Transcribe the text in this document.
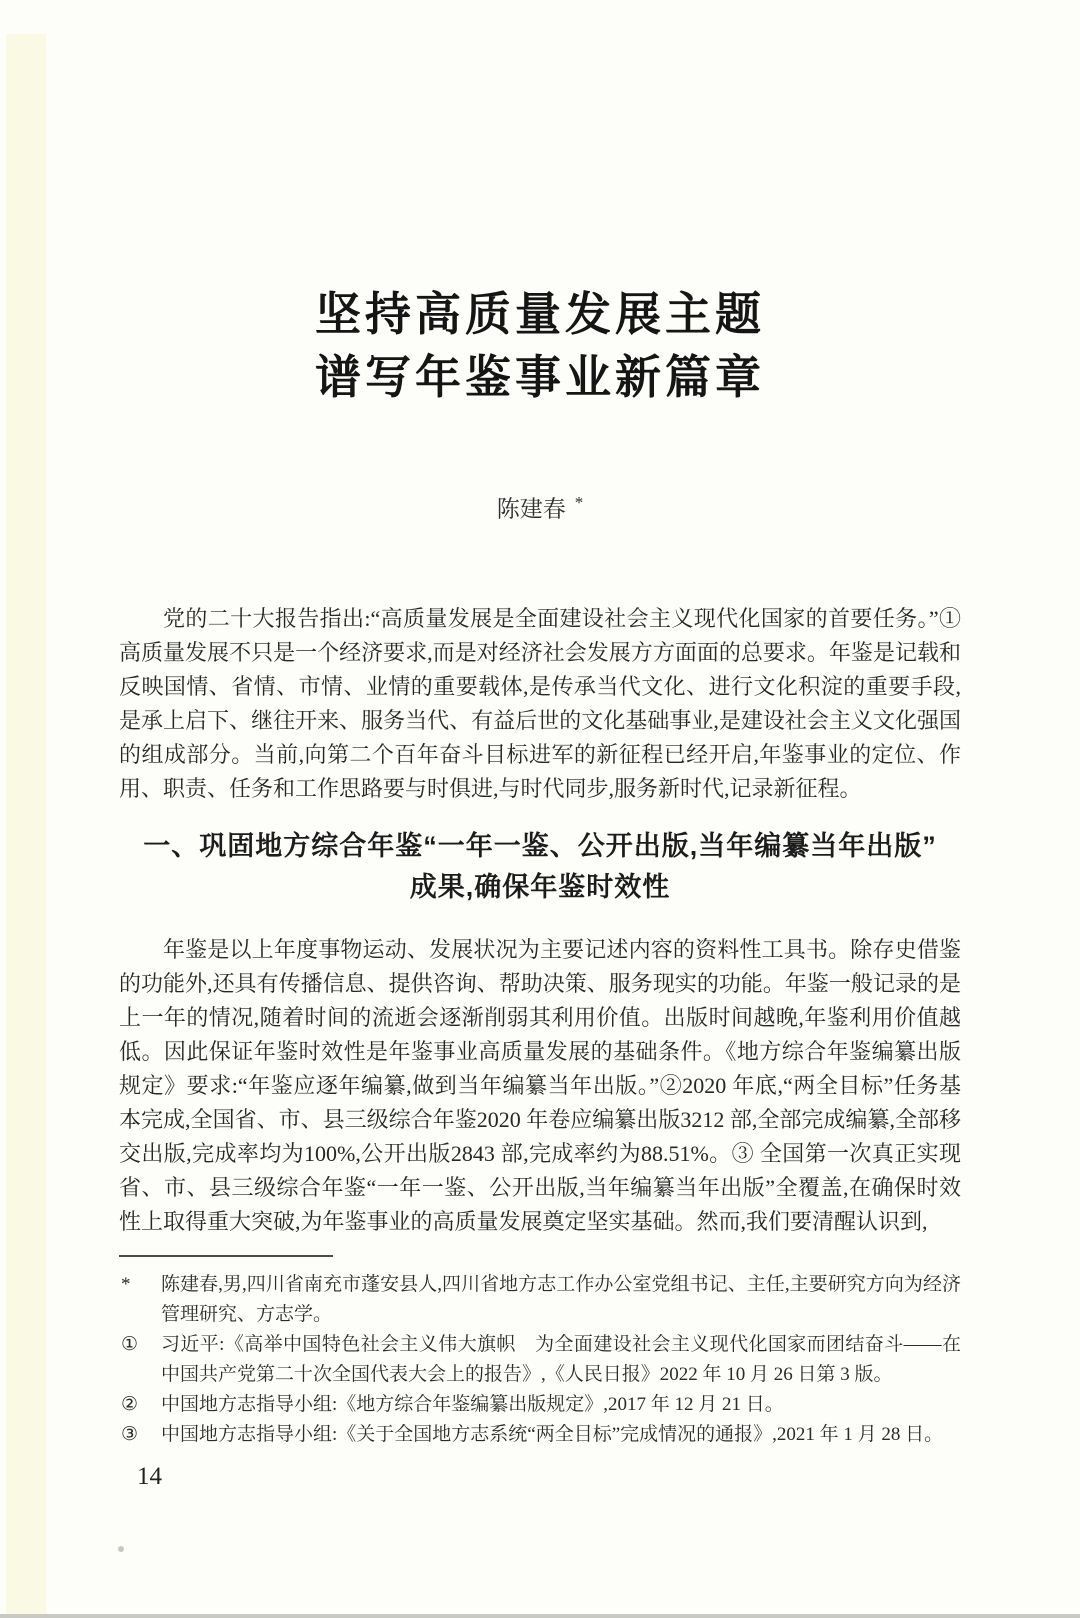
坚持高质量发展主题
谱写年鉴事业新篇章
陈建春 *

党的二十大报告指出:“高质量发展是全面建设社会主义现代化国家的首要任务。”①高质量发展不只是一个经济要求,而是对经济社会发展方方面面的总要求。年鉴是记载和反映国情、省情、市情、业情的重要载体,是传承当代文化、进行文化积淀的重要手段,是承上启下、继往开来、服务当代、有益后世的文化基础事业,是建设社会主义文化强国的组成部分。当前,向第二个百年奋斗目标进军的新征程已经开启,年鉴事业的定位、作用、职责、任务和工作思路要与时俱进,与时代同步,服务新时代,记录新征程。

一、巩固地方综合年鉴“一年一鉴、公开出版,当年编纂当年出版”
成果,确保年鉴时效性

年鉴是以上年度事物运动、发展状况为主要记述内容的资料性工具书。除存史借鉴的功能外,还具有传播信息、提供咨询、帮助决策、服务现实的功能。年鉴一般记录的是上一年的情况,随着时间的流逝会逐渐削弱其利用价值。出版时间越晚,年鉴利用价值越低。因此保证年鉴时效性是年鉴事业高质量发展的基础条件。《地方综合年鉴编纂出版规定》要求:“年鉴应逐年编纂,做到当年编纂当年出版。”②2020 年底,“两全目标”任务基本完成,全国省、市、县三级综合年鉴2020 年卷应编纂出版3212 部,全部完成编纂,全部移交出版,完成率均为100%,公开出版2843 部,完成率约为88.51%。③ 全国第一次真正实现省、市、县三级综合年鉴“一年一鉴、公开出版,当年编纂当年出版”全覆盖,在确保时效性上取得重大突破,为年鉴事业的高质量发展奠定坚实基础。然而,我们要清醒认识到,

*	陈建春,男,四川省南充市蓬安县人,四川省地方志工作办公室党组书记、主任,主要研究方向为经济管理研究、方志学。
①	习近平:《高举中国特色社会主义伟大旗帜　为全面建设社会主义现代化国家而团结奋斗——在中国共产党第二十次全国代表大会上的报告》,《人民日报》2022 年 10 月 26 日第 3 版。
②	中国地方志指导小组:《地方综合年鉴编纂出版规定》,2017 年 12 月 21 日。
③	中国地方志指导小组:《关于全国地方志系统“两全目标”完成情况的通报》,2021 年 1 月 28 日。
14
